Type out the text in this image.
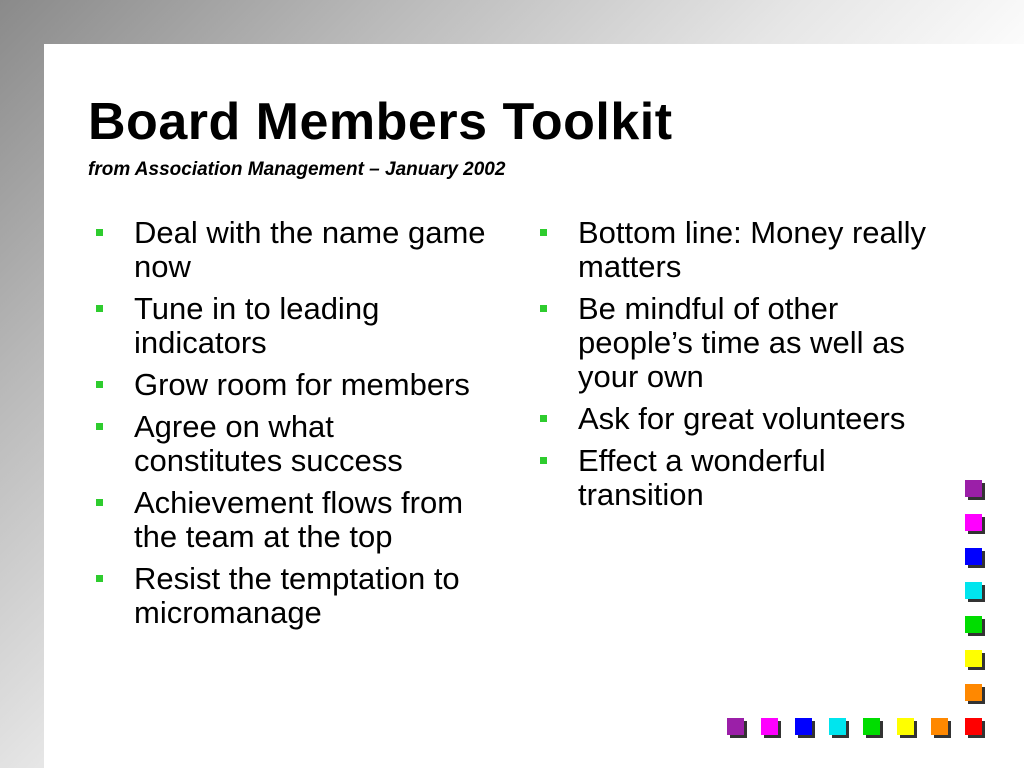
Board Members Toolkit
from Association Management – January 2002
Deal with the name game now
Tune in to leading indicators
Grow room for members
Agree on what constitutes success
Achievement flows from the team at the top
Resist the temptation to micromanage
Bottom line: Money really matters
Be mindful of other people’s time as well as your own
Ask for great volunteers
Effect a wonderful transition
